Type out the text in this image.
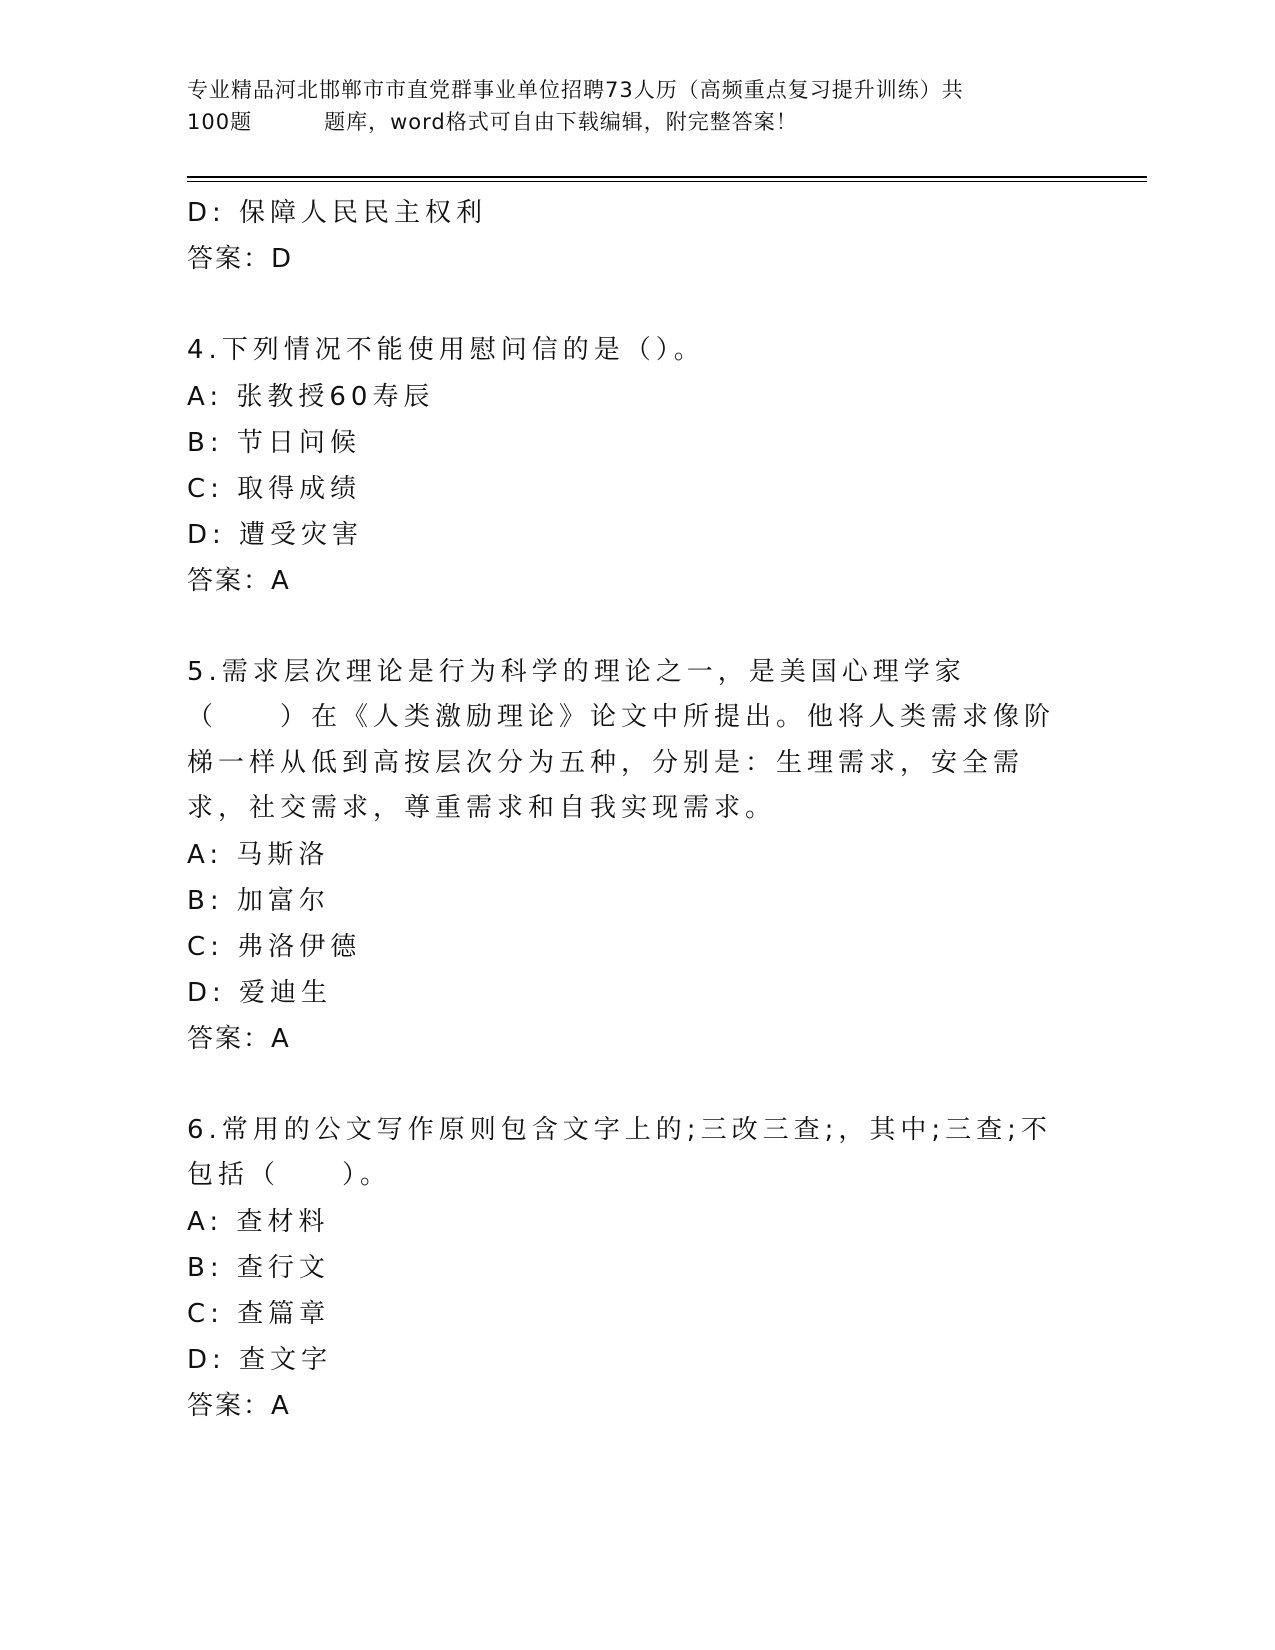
专业精品河北邯郸市市直党群事业单位招聘73人历（高频重点复习提升训练）共
100题	题库，word格式可自由下载编辑，附完整答案！
D: 保障人民民主权利
答案：D
4.下列情况不能使用慰问信的是（）。
A: 张教授60寿辰
B: 节日问候
C: 取得成绩
D: 遭受灾害
答案：A
5.需求层次理论是行为科学的理论之一，是美国心理学家（　　）在《人类激励理论》论文中所提出。他将人类需求像阶梯一样从低到高按层次分为五种，分别是：生理需求，安全需求，社交需求，尊重需求和自我实现需求。
A: 马斯洛
B: 加富尔
C: 弗洛伊德
D: 爱迪生
答案：A
6.常用的公文写作原则包含文字上的;三改三查;，其中;三查;不包括（　　）。
A: 查材料
B: 查行文
C: 查篇章
D: 查文字
答案：A
